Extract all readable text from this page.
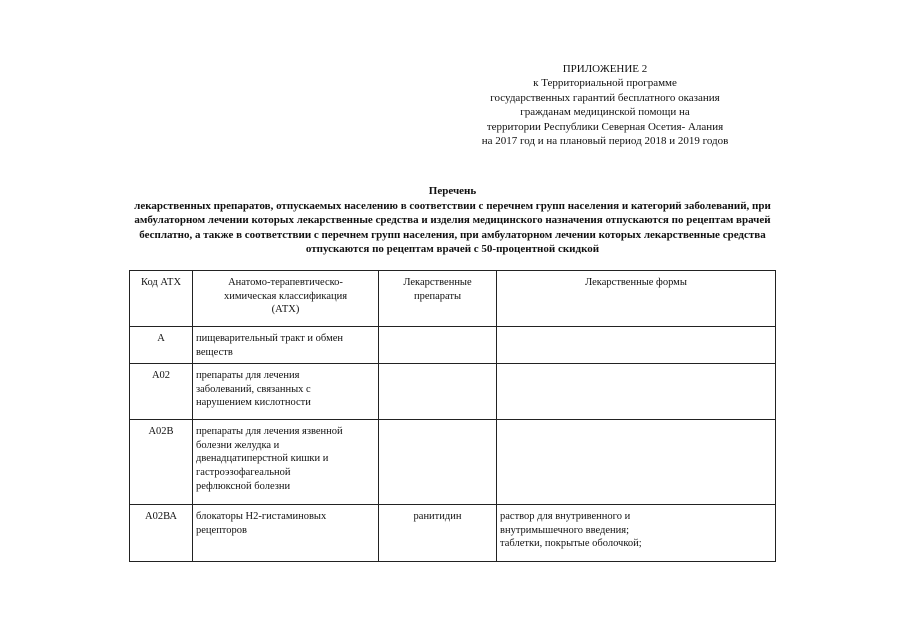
ПРИЛОЖЕНИЕ 2
к Территориальной программе
государственных гарантий бесплатного оказания
гражданам медицинской помощи на
территории Республики Северная Осетия- Алания
на 2017 год и на плановый период 2018 и 2019 годов
Перечень
лекарственных препаратов, отпускаемых населению в соответствии с перечнем групп населения и категорий заболеваний, при
амбулаторном лечении которых лекарственные средства и изделия медицинского назначения отпускаются по рецептам врачей
бесплатно, а также в соответствии с перечнем групп населения, при амбулаторном лечении которых лекарственные средства
отпускаются по рецептам врачей с 50-процентной скидкой
Код АТХ	Анатомо-терапевтическо-
химическая классификация
(АТХ)	Лекарственные
препараты	Лекарственные формы
А	пищеварительный тракт и обмен
веществ		
А02	препараты для лечения
заболеваний, связанных с
нарушением кислотности		
А02В	препараты для лечения язвенной
болезни желудка и
двенадцатиперстной кишки и
гастроэзофагеальной
рефлюксной болезни		
А02ВА	блокаторы Н2-гистаминовых
рецепторов	ранитидин	раствор для внутривенного и
внутримышечного введения;
таблетки, покрытые оболочкой;
